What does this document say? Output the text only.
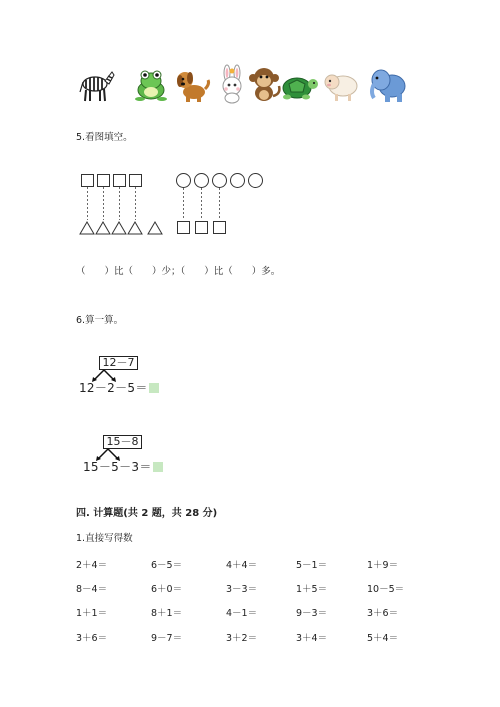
5.看图填空。
（　　）比（　　）少；（　　）比（　　）多。
6.算一算。
12－7
12－2－5＝
15－8
15－5－3＝
四. 计算题(共 2 题，共 28 分)
1.直接写得数
2＋4＝	6－5＝	4＋4＝	5－1＝	1＋9＝
8－4＝	6＋0＝	3－3＝	1＋5＝	10－5＝
1＋1＝	8＋1＝	4－1＝	9－3＝	3＋6＝
3＋6＝	9－7＝	3＋2＝	3＋4＝	5＋4＝
